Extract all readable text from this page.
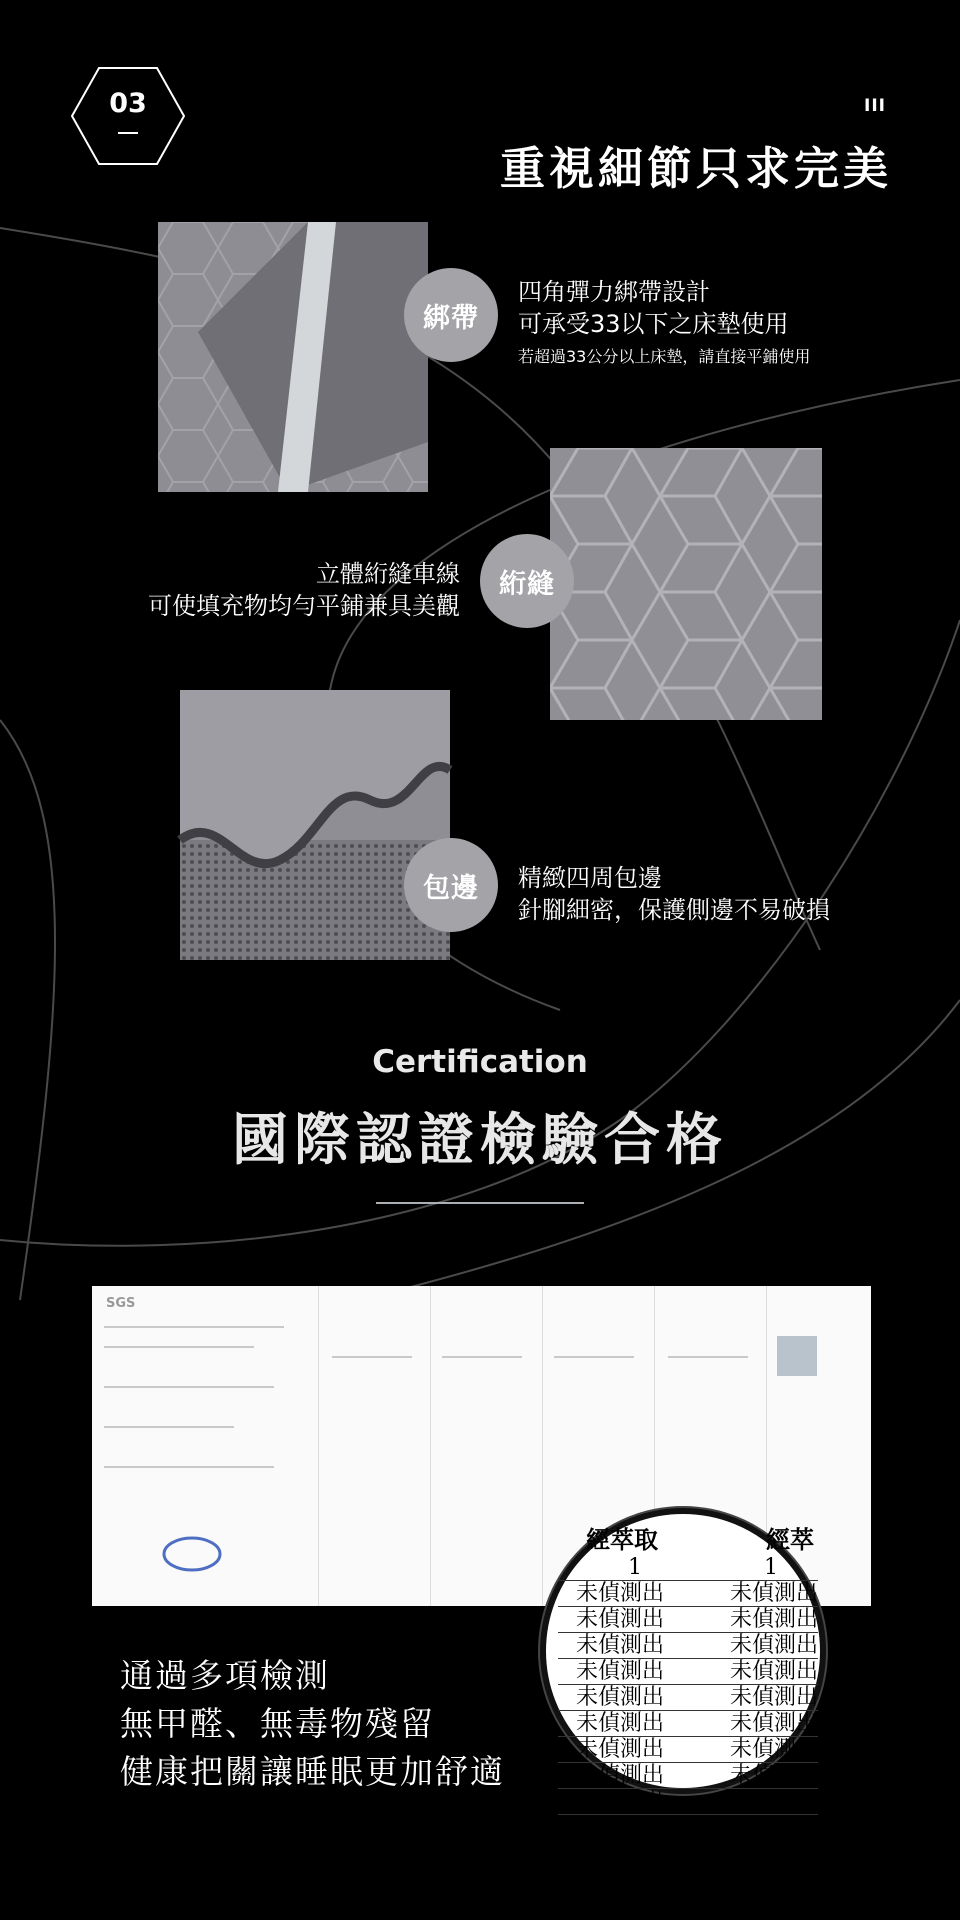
03	III
重視細節只求完美
綁帶
四角彈力綁帶設計
可承受33以下之床墊使用
若超過33公分以上床墊，請直接平鋪使用
絎縫
立體絎縫車線
可使填充物均勻平鋪兼具美觀
包邊	精緻四周包邊
針腳細密，保護側邊不易破損
Certification
國際認證檢驗合格
SGS
經萃取	經萃
1	1
未偵測出	未偵測出
未偵測出	未偵測出
未偵測出	未偵測出
未偵測出	未偵測出
未偵測出	未偵測出
未偵測出	未偵測出
未偵測出	未偵測出
未偵測出	未偵測出
未偵測出	未偵測出
未偵測出	未偵測出
通過多項檢測
無甲醛、無毒物殘留
健康把關讓睡眠更加舒適
